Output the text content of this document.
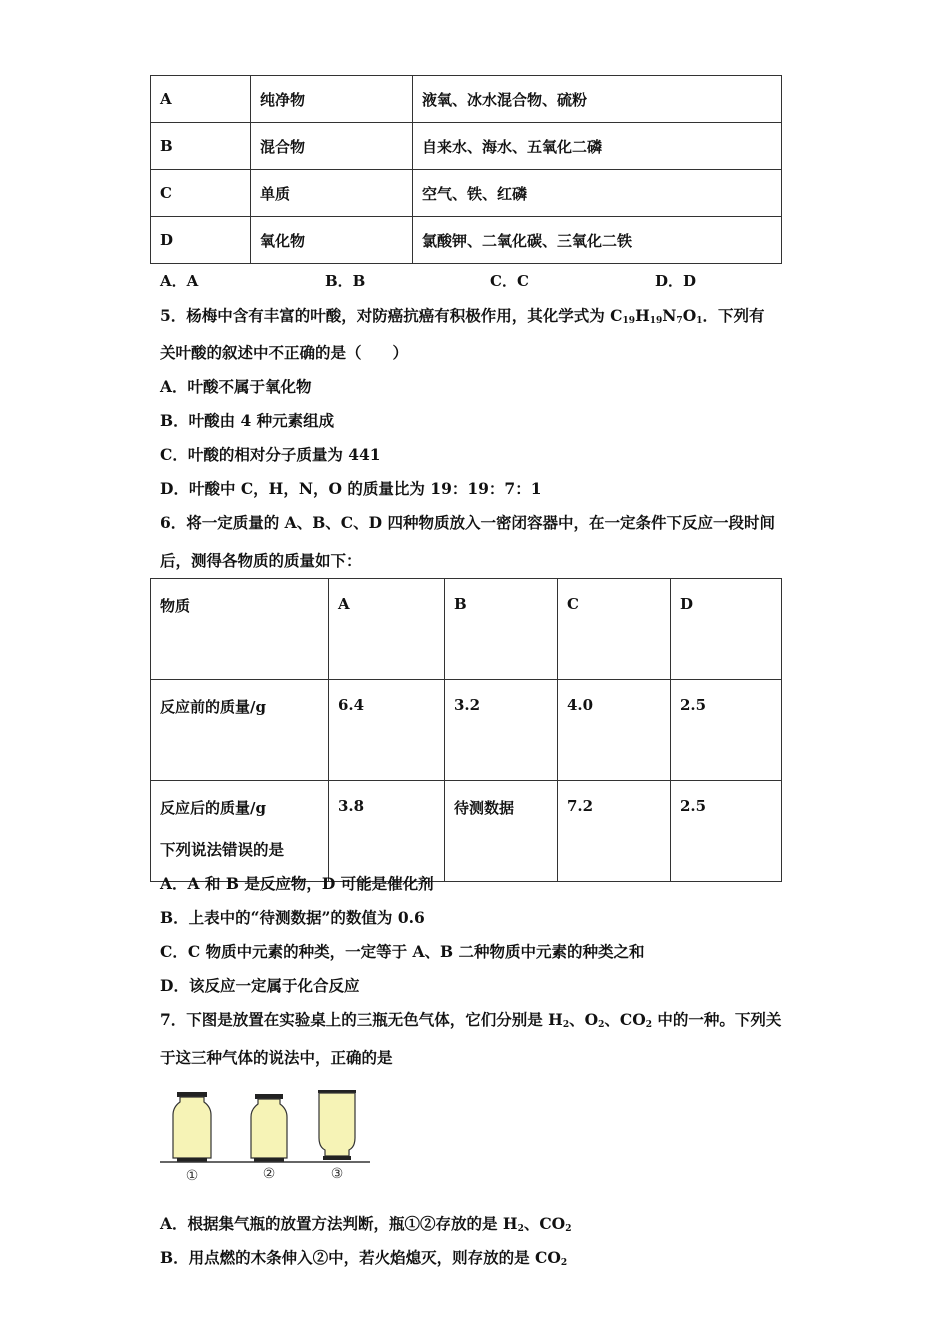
A	纯净物	液氧、冰水混合物、硫粉
B	混合物	自来水、海水、五氧化二磷
C	单质	空气、铁、红磷
D	氧化物	氯酸钾、二氧化碳、三氧化二铁
A．A	B．B	C．C	D．D
5．杨梅中含有丰富的叶酸，对防癌抗癌有积极作用，其化学式为 $C_{19}H_{19}N_7O_1$．下列有
关叶酸的叙述中不正确的是（　　）
A．叶酸不属于氧化物
B．叶酸由 4 种元素组成
C．叶酸的相对分子质量为 441
D．叶酸中 C，H，N，O 的质量比为 19：19：7：1
6．将一定质量的 A、B、C、D 四种物质放入一密闭容器中，在一定条件下反应一段时间
后，测得各物质的质量如下：
物质	A	B	C	D
反应前的质量/g	6.4	3.2	4.0	2.5
反应后的质量/g	3.8	待测数据	7.2	2.5
下列说法错误的是
A．A 和 B 是反应物，D 可能是催化剂
B．上表中的“待测数据”的数值为 0.6
C．C 物质中元素的种类，一定等于 A、B 二种物质中元素的种类之和
D．该反应一定属于化合反应
7．下图是放置在实验桌上的三瓶无色气体，它们分别是 $H_2$、$O_2$、$CO_2$ 中的一种。下列关
于这三种气体的说法中，正确的是
①	②	③
A．根据集气瓶的放置方法判断，瓶①②存放的是 $H_2$、$CO_2$
B．用点燃的木条伸入②中，若火焰熄灭，则存放的是 $CO_2$
